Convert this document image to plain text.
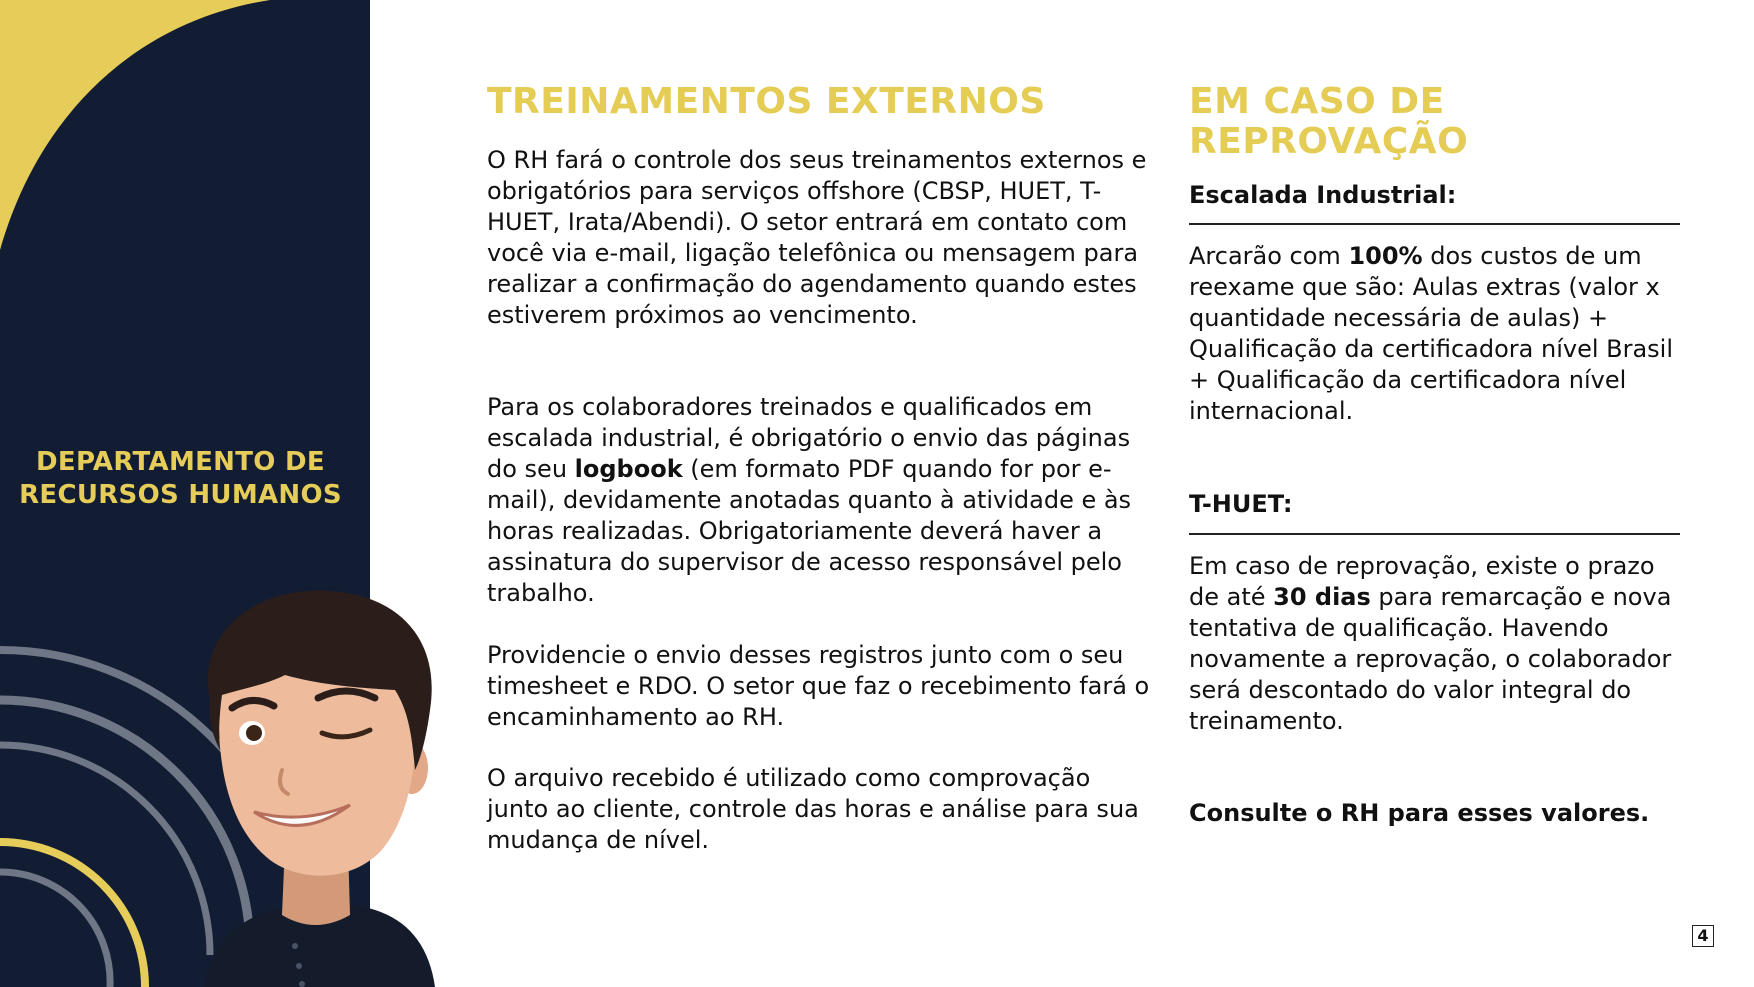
DEPARTAMENTO DE RECURSOS HUMANOS
TREINAMENTOS EXTERNOS

O RH fará o controle dos seus treinamentos externos e obrigatórios para serviços offshore (CBSP, HUET, T-HUET, Irata/Abendi). O setor entrará em contato com você via e-mail, ligação telefônica ou mensagem para realizar a confirmação do agendamento quando estes estiverem próximos ao vencimento.

Para os colaboradores treinados e qualificados em escalada industrial, é obrigatório o envio das páginas do seu logbook (em formato PDF quando for por e-mail), devidamente anotadas quanto à atividade e às horas realizadas. Obrigatoriamente deverá haver a assinatura do supervisor de acesso responsável pelo trabalho.

Providencie o envio desses registros junto com o seu timesheet e RDO. O setor que faz o recebimento fará o encaminhamento ao RH.

O arquivo recebido é utilizado como comprovação junto ao cliente, controle das horas e análise para sua mudança de nível.

EM CASO DE REPROVAÇÃO

Escalada Industrial:

Arcarão com 100% dos custos de um reexame que são: Aulas extras (valor x quantidade necessária de aulas) + Qualificação da certificadora nível Brasil + Qualificação da certificadora nível internacional.

T-HUET:

Em caso de reprovação, existe o prazo de até 30 dias para remarcação e nova tentativa de qualificação. Havendo novamente a reprovação, o colaborador será descontado do valor integral do treinamento.

Consulte o RH para esses valores.

4
